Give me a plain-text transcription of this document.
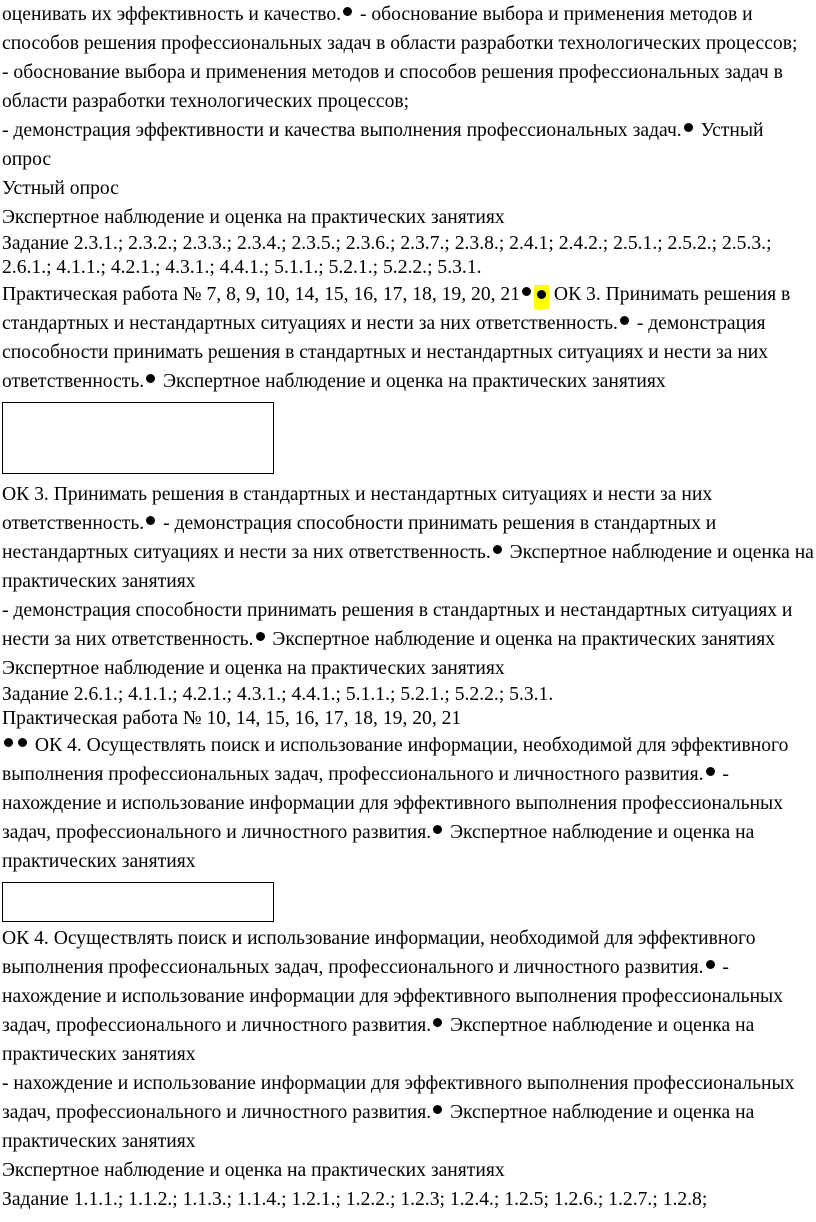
оценивать их эффективность и качество. - обоснование выбора и применения методов и способов решения профессиональных задач в области разработки технологических процессов;

- обоснование выбора и применения методов и способов решения профессиональных задач в области разработки технологических процессов;

- демонстрация эффективности и качества выполнения профессиональных задач. Устный опрос

Устный опрос

Экспертное наблюдение и оценка на практических занятиях

Задание 2.3.1.; 2.3.2.; 2.3.3.; 2.3.4.; 2.3.5.; 2.3.6.; 2.3.7.; 2.3.8.; 2.4.1; 2.4.2.; 2.5.1.; 2.5.2.; 2.5.3.; 2.6.1.; 4.1.1.; 4.2.1.; 4.3.1.; 4.4.1.; 5.1.1.; 5.2.1.; 5.2.2.; 5.3.1.

Практическая работа № 7, 8, 9, 10, 14, 15, 16, 17, 18, 19, 20, 21 ОК 3. Принимать решения в стандартных и нестандартных ситуациях и нести за них ответственность. - демонстрация способности принимать решения в стандартных и нестандартных ситуациях и нести за них ответственность. Экспертное наблюдение и оценка на практических занятиях

ОК 3. Принимать решения в стандартных и нестандартных ситуациях и нести за них ответственность. - демонстрация способности принимать решения в стандартных и нестандартных ситуациях и нести за них ответственность. Экспертное наблюдение и оценка на практических занятиях

- демонстрация способности принимать решения в стандартных и нестандартных ситуациях и нести за них ответственность. Экспертное наблюдение и оценка на практических занятиях

Экспертное наблюдение и оценка на практических занятиях

Задание 2.6.1.; 4.1.1.; 4.2.1.; 4.3.1.; 4.4.1.; 5.1.1.; 5.2.1.; 5.2.2.; 5.3.1.

Практическая работа № 10, 14, 15, 16, 17, 18, 19, 20, 21

ОК 4. Осуществлять поиск и использование информации, необходимой для эффективного выполнения профессиональных задач, профессионального и личностного развития. - нахождение и использование информации для эффективного выполнения профессиональных задач, профессионального и личностного развития. Экспертное наблюдение и оценка на практических занятиях

ОК 4. Осуществлять поиск и использование информации, необходимой для эффективного выполнения профессиональных задач, профессионального и личностного развития. - нахождение и использование информации для эффективного выполнения профессиональных задач, профессионального и личностного развития. Экспертное наблюдение и оценка на практических занятиях

- нахождение и использование информации для эффективного выполнения профессиональных задач, профессионального и личностного развития. Экспертное наблюдение и оценка на практических занятиях

Экспертное наблюдение и оценка на практических занятиях

Задание 1.1.1.; 1.1.2.; 1.1.3.; 1.1.4.; 1.2.1.; 1.2.2.; 1.2.3; 1.2.4.; 1.2.5; 1.2.6.; 1.2.7.; 1.2.8;
